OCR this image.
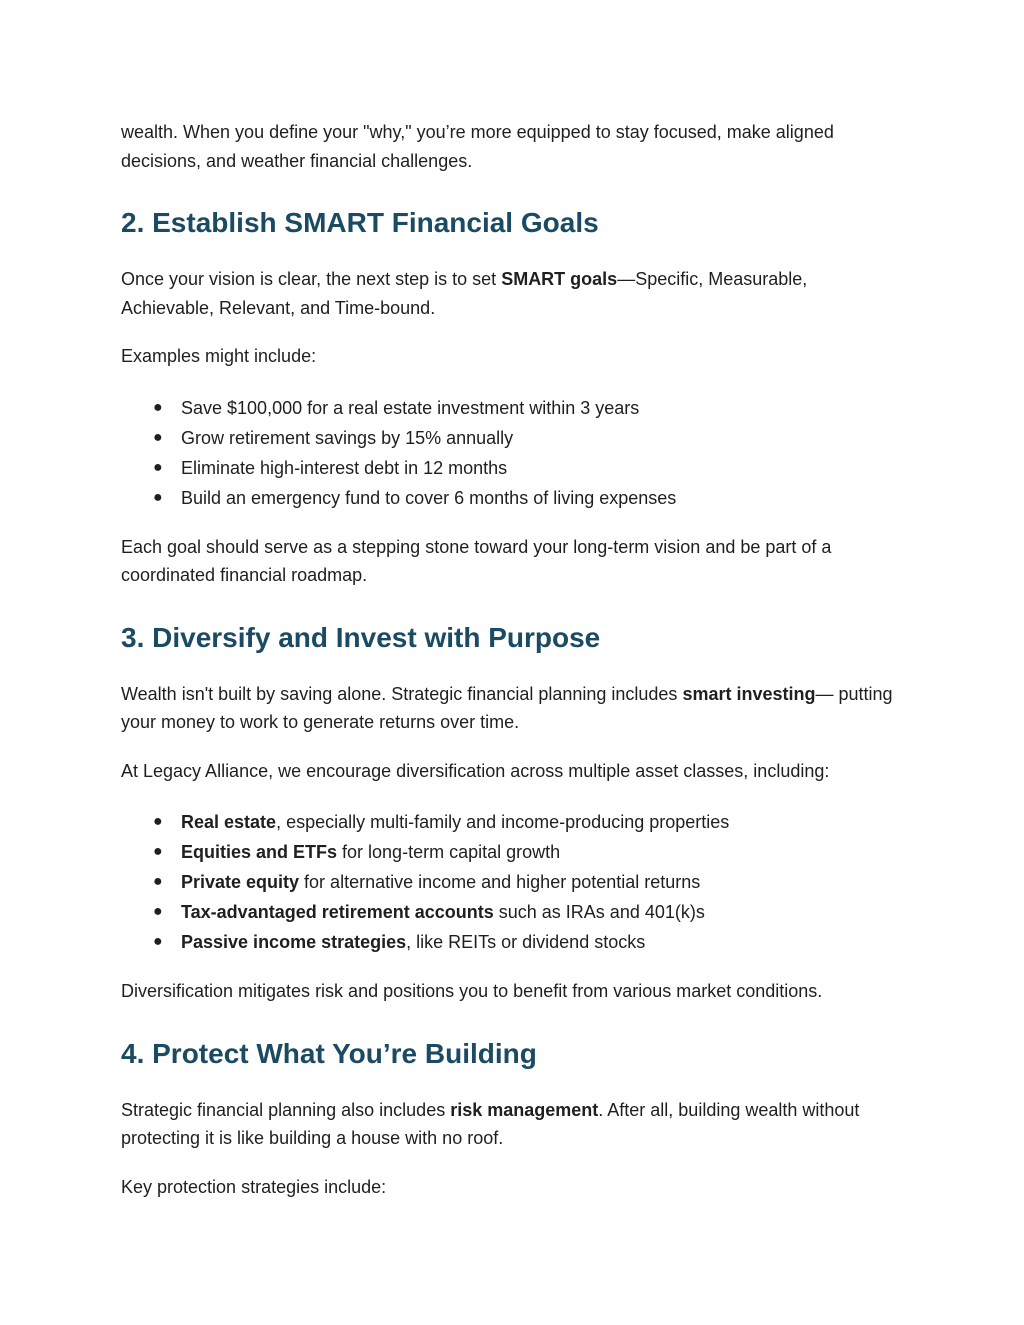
wealth. When you define your "why," you’re more equipped to stay focused, make aligned decisions, and weather financial challenges.

2. Establish SMART Financial Goals

Once your vision is clear, the next step is to set SMART goals—Specific, Measurable, Achievable, Relevant, and Time-bound.

Examples might include:

● Save $100,000 for a real estate investment within 3 years
● Grow retirement savings by 15% annually
● Eliminate high-interest debt in 12 months
● Build an emergency fund to cover 6 months of living expenses

Each goal should serve as a stepping stone toward your long-term vision and be part of a coordinated financial roadmap.

3. Diversify and Invest with Purpose

Wealth isn't built by saving alone. Strategic financial planning includes smart investing— putting your money to work to generate returns over time.

At Legacy Alliance, we encourage diversification across multiple asset classes, including:

● Real estate, especially multi-family and income-producing properties
● Equities and ETFs for long-term capital growth
● Private equity for alternative income and higher potential returns
● Tax-advantaged retirement accounts such as IRAs and 401(k)s
● Passive income strategies, like REITs or dividend stocks

Diversification mitigates risk and positions you to benefit from various market conditions.

4. Protect What You’re Building

Strategic financial planning also includes risk management. After all, building wealth without protecting it is like building a house with no roof.

Key protection strategies include:
